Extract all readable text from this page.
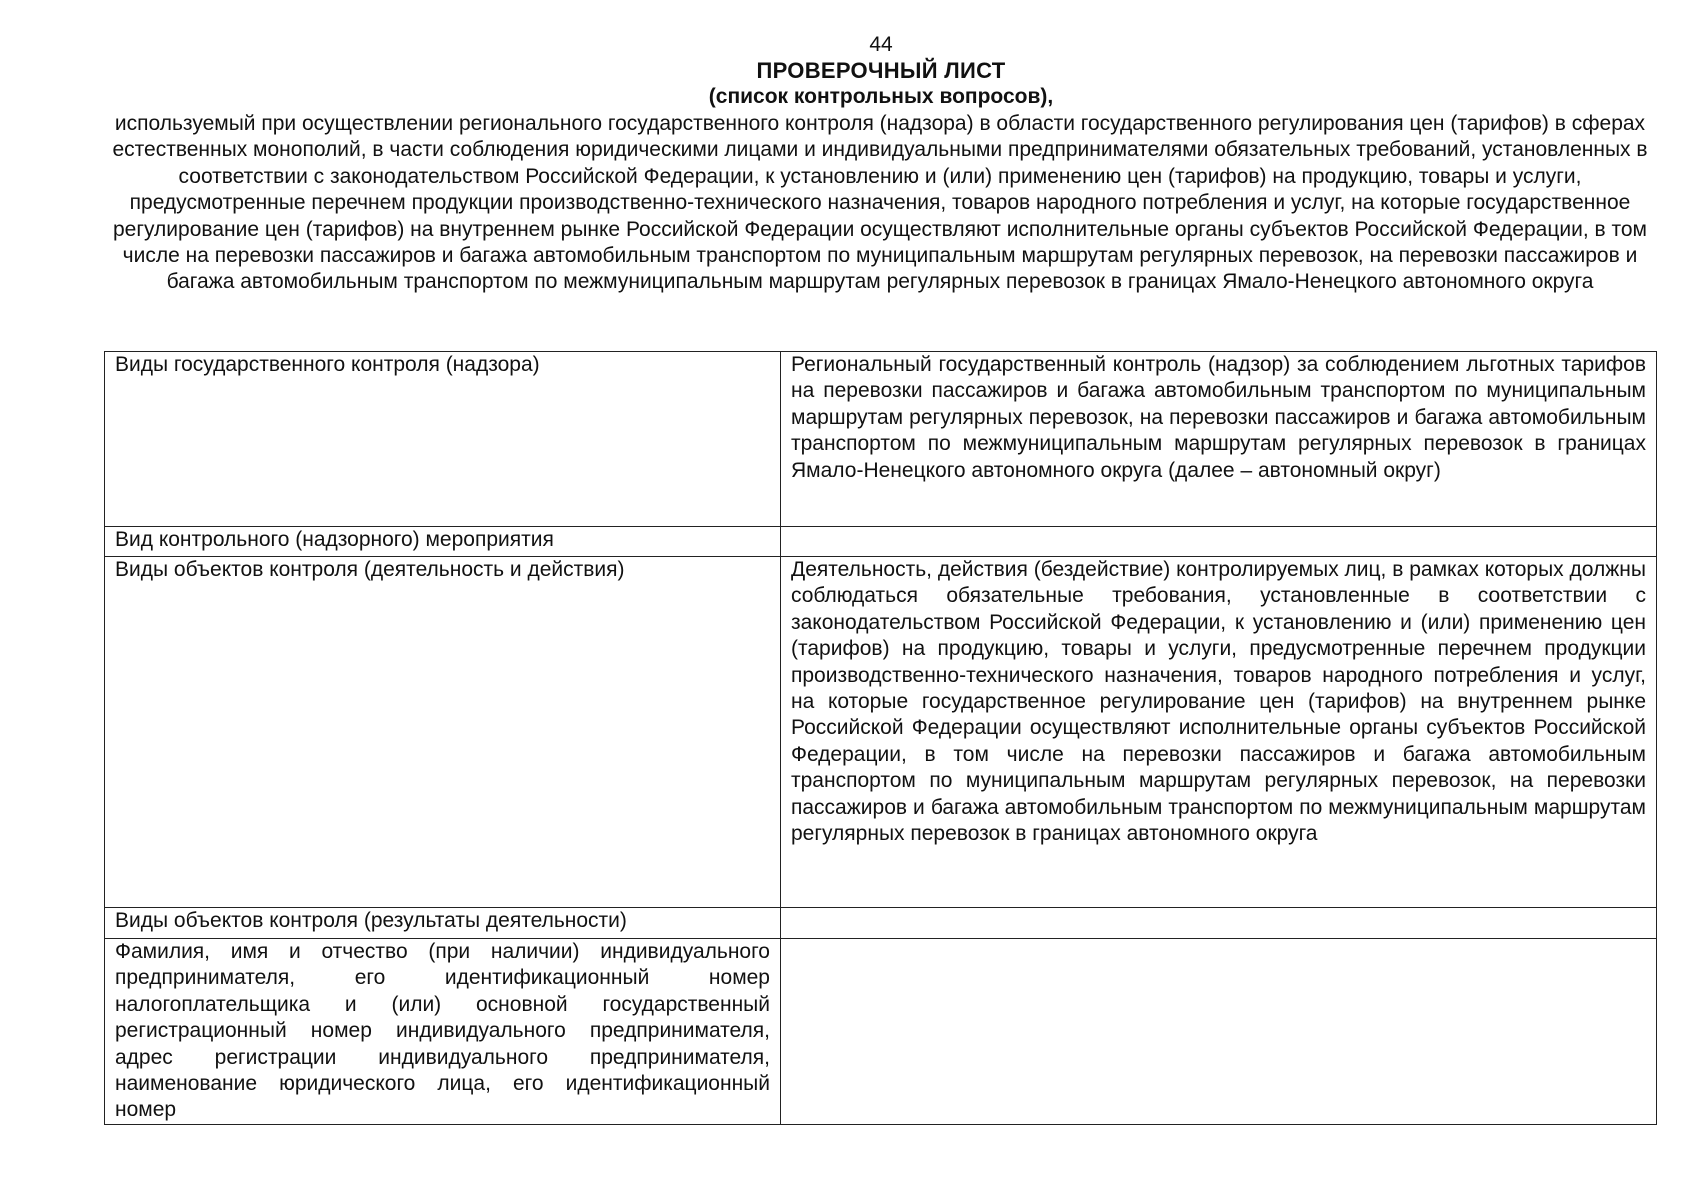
44
ПРОВЕРОЧНЫЙ ЛИСТ
(список контрольных вопросов),
используемый при осуществлении регионального государственного контроля (надзора) в области государственного регулирования цен (тарифов) в сферах естественных монополий, в части соблюдения юридическими лицами и индивидуальными предпринимателями обязательных требований, установленных в соответствии с законодательством Российской Федерации, к установлению и (или) применению цен (тарифов) на продукцию, товары и услуги, предусмотренные перечнем продукции производственно-технического назначения, товаров народного потребления и услуг, на которые государственное регулирование цен (тарифов) на внутреннем рынке Российской Федерации осуществляют исполнительные органы субъектов Российской Федерации, в том числе на перевозки пассажиров и багажа автомобильным транспортом по муниципальным маршрутам регулярных перевозок, на перевозки пассажиров и багажа автомобильным транспортом по межмуниципальным маршрутам регулярных перевозок в границах Ямало-Ненецкого автономного округа
Виды государственного контроля (надзора)	Региональный государственный контроль (надзор) за соблюдением льготных тарифов на перевозки пассажиров и багажа автомобильным транспортом по муниципальным маршрутам регулярных перевозок, на перевозки пассажиров и багажа автомобильным транспортом по межмуниципальным маршрутам регулярных перевозок в границах Ямало-Ненецкого автономного округа (далее – автономный округ)

Вид контрольного (надзорного) мероприятия	

Виды объектов контроля (деятельность и действия)	Деятельность, действия (бездействие) контролируемых лиц, в рамках которых должны соблюдаться обязательные требования, установленные в соответствии с законодательством Российской Федерации, к установлению и (или) применению цен (тарифов) на продукцию, товары и услуги, предусмотренные перечнем продукции производственно-технического назначения, товаров народного потребления и услуг, на которые государственное регулирование цен (тарифов) на внутреннем рынке Российской Федерации осуществляют исполнительные органы субъектов Российской Федерации, в том числе на перевозки пассажиров и багажа автомобильным транспортом по муниципальным маршрутам регулярных перевозок, на перевозки пассажиров и багажа автомобильным транспортом по межмуниципальным маршрутам регулярных перевозок в границах автономного округа

Виды объектов контроля (результаты деятельности)	

Фамилия, имя и отчество (при наличии) индивидуального предпринимателя, его идентификационный номер налогоплательщика и (или) основной государственный регистрационный номер индивидуального предпринимателя, адрес регистрации индивидуального предпринимателя, наименование юридического лица, его идентификационный номер	
